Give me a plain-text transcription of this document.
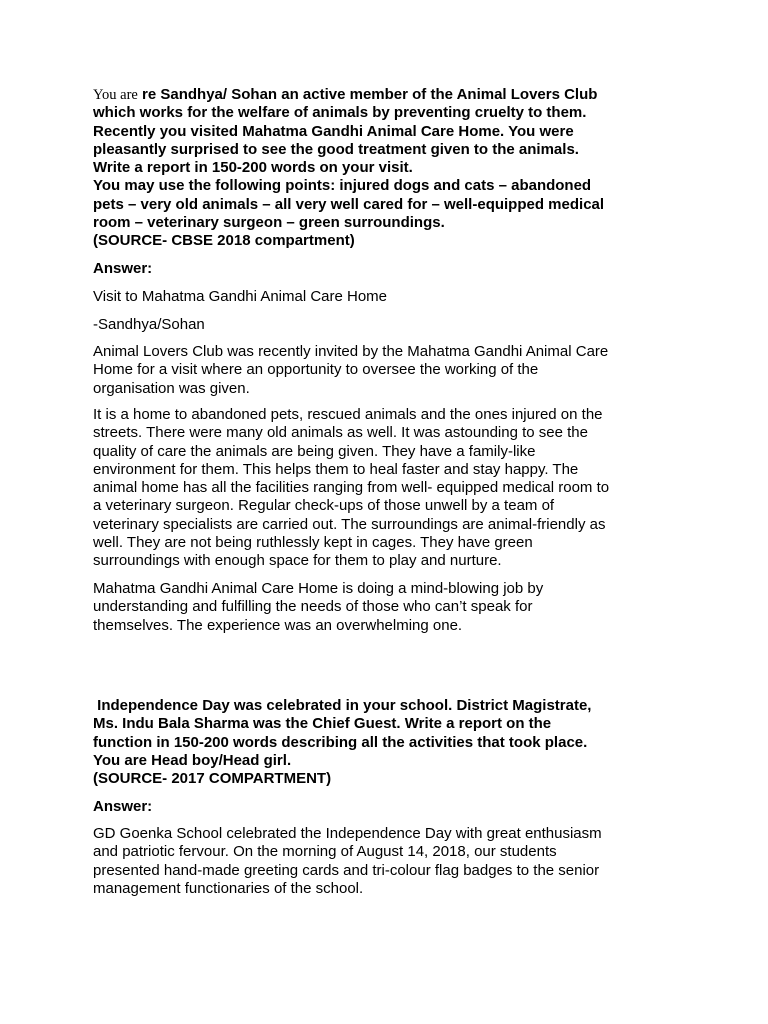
You are re Sandhya/ Sohan an active member of the Animal Lovers Club
which works for the welfare of animals by preventing cruelty to them.
Recently you visited Mahatma Gandhi Animal Care Home. You were
pleasantly surprised to see the good treatment given to the animals.
Write a report in 150-200 words on your visit.
You may use the following points: injured dogs and cats – abandoned
pets – very old animals – all very well cared for – well-equipped medical
room – veterinary surgeon – green surroundings.
(SOURCE- CBSE 2018 compartment)
Answer:
Visit to Mahatma Gandhi Animal Care Home
-Sandhya/Sohan
Animal Lovers Club was recently invited by the Mahatma Gandhi Animal Care
Home for a visit where an opportunity to oversee the working of the
organisation was given.
It is a home to abandoned pets, rescued animals and the ones injured on the
streets. There were many old animals as well. It was astounding to see the
quality of care the animals are being given. They have a family-like
environment for them. This helps them to heal faster and stay happy. The
animal home has all the facilities ranging from well- equipped medical room to
a veterinary surgeon. Regular check-ups of those unwell by a team of
veterinary specialists are carried out. The surroundings are animal-friendly as
well. They are not being ruthlessly kept in cages. They have green
surroundings with enough space for them to play and nurture.
Mahatma Gandhi Animal Care Home is doing a mind-blowing job by
understanding and fulfilling the needs of those who can’t speak for
themselves. The experience was an overwhelming one.
Independence Day was celebrated in your school. District Magistrate,
Ms. Indu Bala Sharma was the Chief Guest. Write a report on the
function in 150-200 words describing all the activities that took place.
You are Head boy/Head girl.
(SOURCE- 2017 COMPARTMENT)
Answer:
GD Goenka School celebrated the Independence Day with great enthusiasm
and patriotic fervour. On the morning of August 14, 2018, our students
presented hand-made greeting cards and tri-colour flag badges to the senior
management functionaries of the school.
